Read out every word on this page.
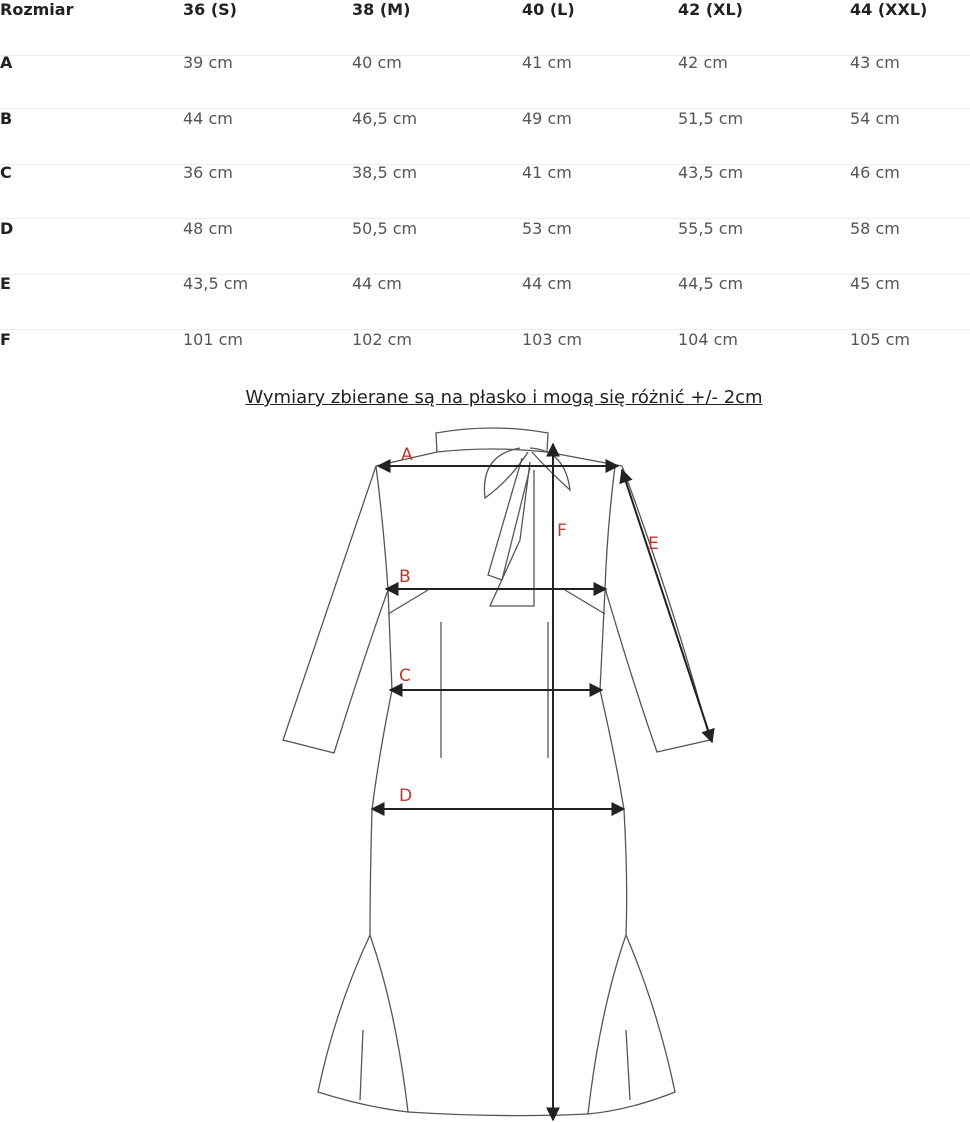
Rozmiar	36 (S)	38 (M)	40 (L)	42 (XL)	44 (XXL)
A	39 cm	40 cm	41 cm	42 cm	43 cm
B	44 cm	46,5 cm	49 cm	51,5 cm	54 cm
C	36 cm	38,5 cm	41 cm	43,5 cm	46 cm
D	48 cm	50,5 cm	53 cm	55,5 cm	58 cm
E	43,5 cm	44 cm	44 cm	44,5 cm	45 cm
F	101 cm	102 cm	103 cm	104 cm	105 cm
Wymiary zbierane są na płasko i mogą się różnić +/- 2cm
A
B
C
D
E
F
